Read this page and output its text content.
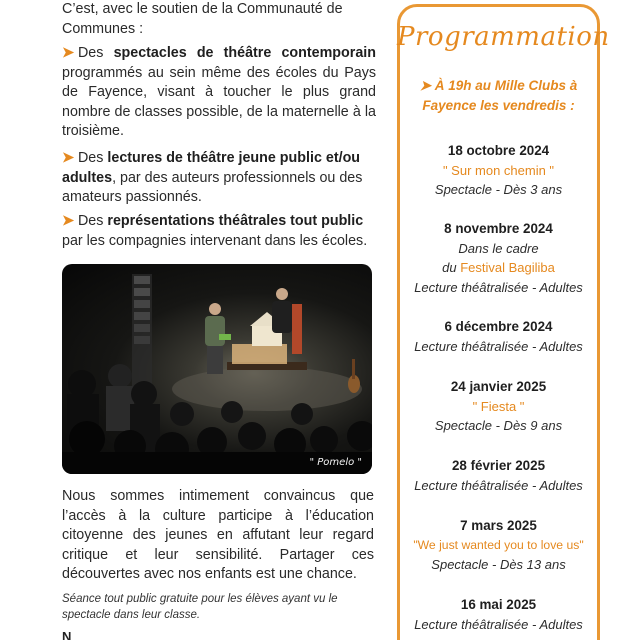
C’est, avec le soutien de la Communauté de Communes :

➤ Des spectacles de théâtre contemporain programmés au sein même des écoles du Pays de Fayence, visant à toucher le plus grand nombre de classes possible, de la maternelle à la troisième.

➤ Des lectures de théâtre jeune public et/ou adultes, par des auteurs professionnels ou des amateurs passionnés.

➤ Des représentations théâtrales tout public par les compagnies intervenant dans les écoles.

" Pomelo "

Nous sommes intimement convaincus que l’accès à la culture participe à l’éducation citoyenne des jeunes en affutant leur regard critique et leur sensibilité. Partager ces découvertes avec nos enfants est une chance.

Séance tout public gratuite pour les élèves ayant vu le spectacle dans leur classe.

N

Programmation
➤ À 19h au Mille Clubs à
Fayence les vendredis :
18 octobre 2024
" Sur mon chemin "
Spectacle - Dès 3 ans
8 novembre 2024
Dans le cadre
du Festival Bagiliba
Lecture théâtralisée - Adultes
6 décembre 2024
Lecture théâtralisée - Adultes
24 janvier 2025
" Fiesta "
Spectacle - Dès 9 ans
28 février 2025
Lecture théâtralisée - Adultes
7 mars 2025
"We just wanted you to love us"
Spectacle - Dès 13 ans
16 mai 2025
Lecture théâtralisée - Adultes
